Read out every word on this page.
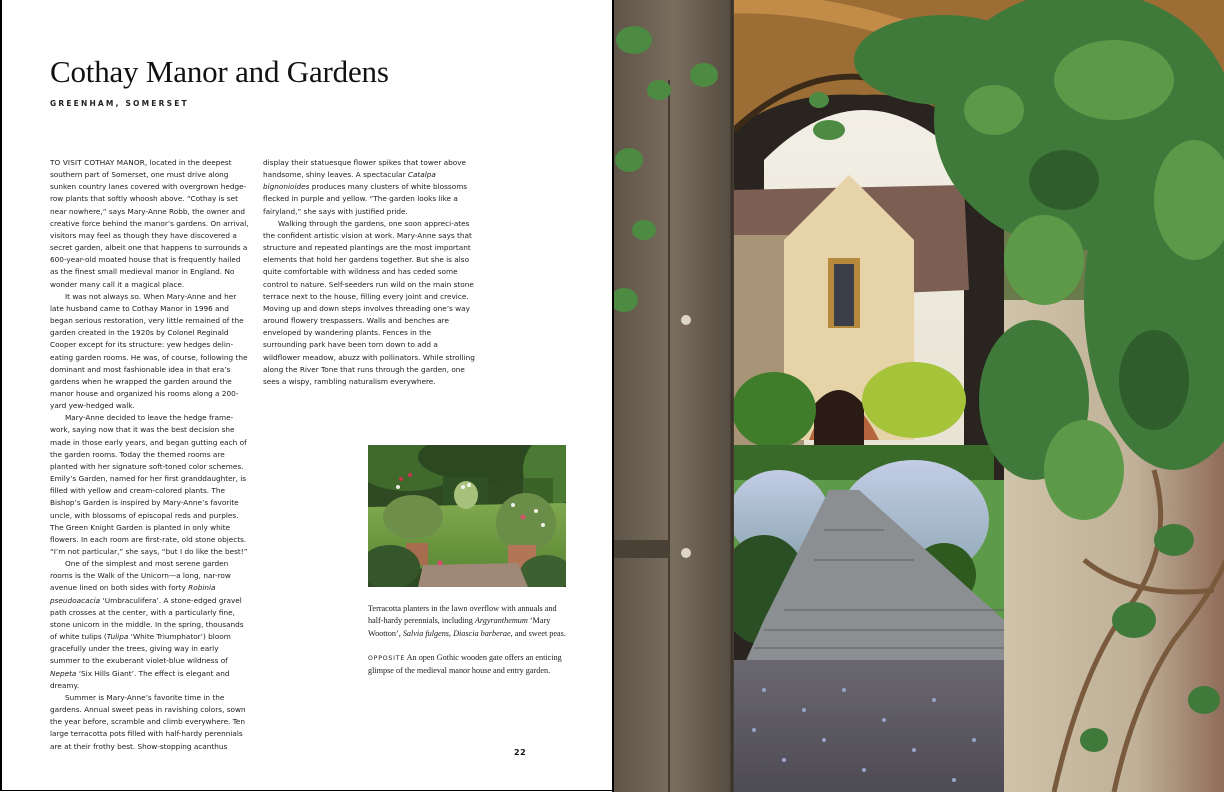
Cothay Manor and Gardens
GREENHAM, SOMERSET

TO VISIT COTHAY MANOR, located in the deepest southern part of Somerset, one must drive along sunken country lanes covered with overgrown hedge-row plants that softly whoosh above. “Cothay is set near nowhere,” says Mary-Anne Robb, the owner and creative force behind the manor’s gardens. On arrival, visitors may feel as though they have discovered a secret garden, albeit one that happens to surrounds a 600-year-old moated house that is frequently hailed as the finest small medieval manor in England. No wonder many call it a magical place.

It was not always so. When Mary-Anne and her late husband came to Cothay Manor in 1996 and began serious restoration, very little remained of the garden created in the 1920s by Colonel Reginald Cooper except for its structure: yew hedges delin-eating garden rooms. He was, of course, following the dominant and most fashionable idea in that era’s gardens when he wrapped the garden around the manor house and organized his rooms along a 200-yard yew-hedged walk.

Mary-Anne decided to leave the hedge frame-work, saying now that it was the best decision she made in those early years, and began gutting each of the garden rooms. Today the themed rooms are planted with her signature soft-toned color schemes. Emily’s Garden, named for her first granddaughter, is filled with yellow and cream-colored plants. The Bishop’s Garden is inspired by Mary-Anne’s favorite uncle, with blossoms of episcopal reds and purples. The Green Knight Garden is planted in only white flowers. In each room are first-rate, old stone objects. “I’m not particular,” she says, “but I do like the best!”

One of the simplest and most serene garden rooms is the Walk of the Unicorn—a long, nar-row avenue lined on both sides with forty Robinia pseudoacacia ‘Umbraculifera’. A stone-edged gravel path crosses at the center, with a particularly fine, stone unicorn in the middle. In the spring, thousands of white tulips (Tulipa ‘White Triumphator’) bloom gracefully under the trees, giving way in early summer to the exuberant violet-blue wildness of Nepeta ‘Six Hills Giant’. The effect is elegant and dreamy.

Summer is Mary-Anne’s favorite time in the gardens. Annual sweet peas in ravishing colors, sown the year before, scramble and climb everywhere. Ten large terracotta pots filled with half-hardy perennials are at their frothy best. Show-stopping acanthus

display their statuesque flower spikes that tower above handsome, shiny leaves. A spectacular Catalpa bignonioides produces many clusters of white blossoms flecked in purple and yellow. “The garden looks like a fairyland,” she says with justified pride.

Walking through the gardens, one soon appreci-ates the confident artistic vision at work. Mary-Anne says that structure and repeated plantings are the most important elements that hold her gardens together. But she is also quite comfortable with wildness and has ceded some control to nature. Self-seeders run wild on the main stone terrace next to the house, filling every joint and crevice. Moving up and down steps involves threading one’s way around flowery trespassers. Walls and benches are enveloped by wandering plants. Fences in the surrounding park have been torn down to add a wildflower meadow, abuzz with pollinators. While strolling along the River Tone that runs through the garden, one sees a wispy, rambling naturalism everywhere.

Terracotta planters in the lawn overflow with annuals and half-hardy perennials, including Argyranthemum ‘Mary Wootton’, Salvia fulgens, Diascia barberae, and sweet peas.

OPPOSITE An open Gothic wooden gate offers an enticing glimpse of the medieval manor house and entry garden.

22
